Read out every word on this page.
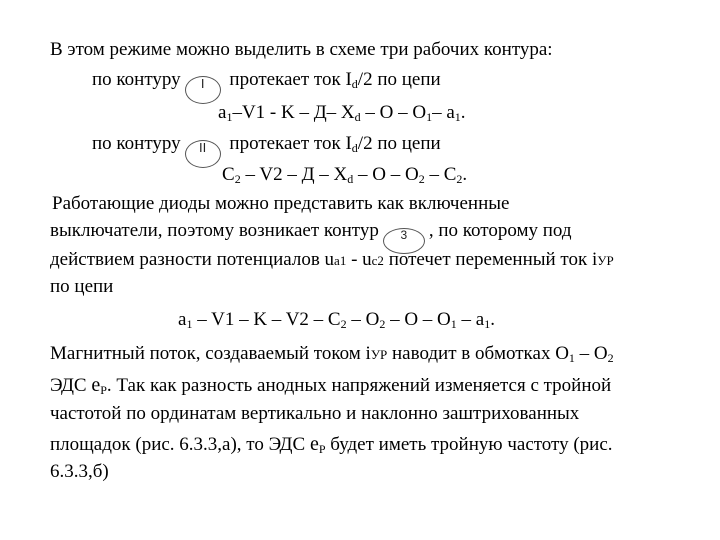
В этом режиме можно выделить в схеме три рабочих контура:
по контуру I протекает ток $I_d/2$ по цепи
$a_1-V1$ - K – Д– $X_d$ – O – $O_1-$ $a_1$.
по контуру II протекает ток $I_d/2$ по цепи
$C_2 - V2$ – Д – $X_d$ – O – $O_2 - C_2$.
Работающие диоды можно представить как включенные
выключатели, поэтому возникает контур 3 , по которому под
действием разности потенциалов ua1 - uc2 потечет переменный ток iУР
по цепи
$a_1 - V1$ – K – $V2 - C_2 - O_2$ – O – $O_1 - a_1$.
Магнитный поток, создаваемый током iУР наводит в обмотках $O_1 - O_2$
ЭДС $e_P$. Так как разность анодных напряжений изменяется с тройной
частотой по ординатам вертикально и наклонно заштрихованных
площадок (рис. 6.3.3,а), то ЭДС $e_P$ будет иметь тройную частоту (рис.
6.3.3,б)
